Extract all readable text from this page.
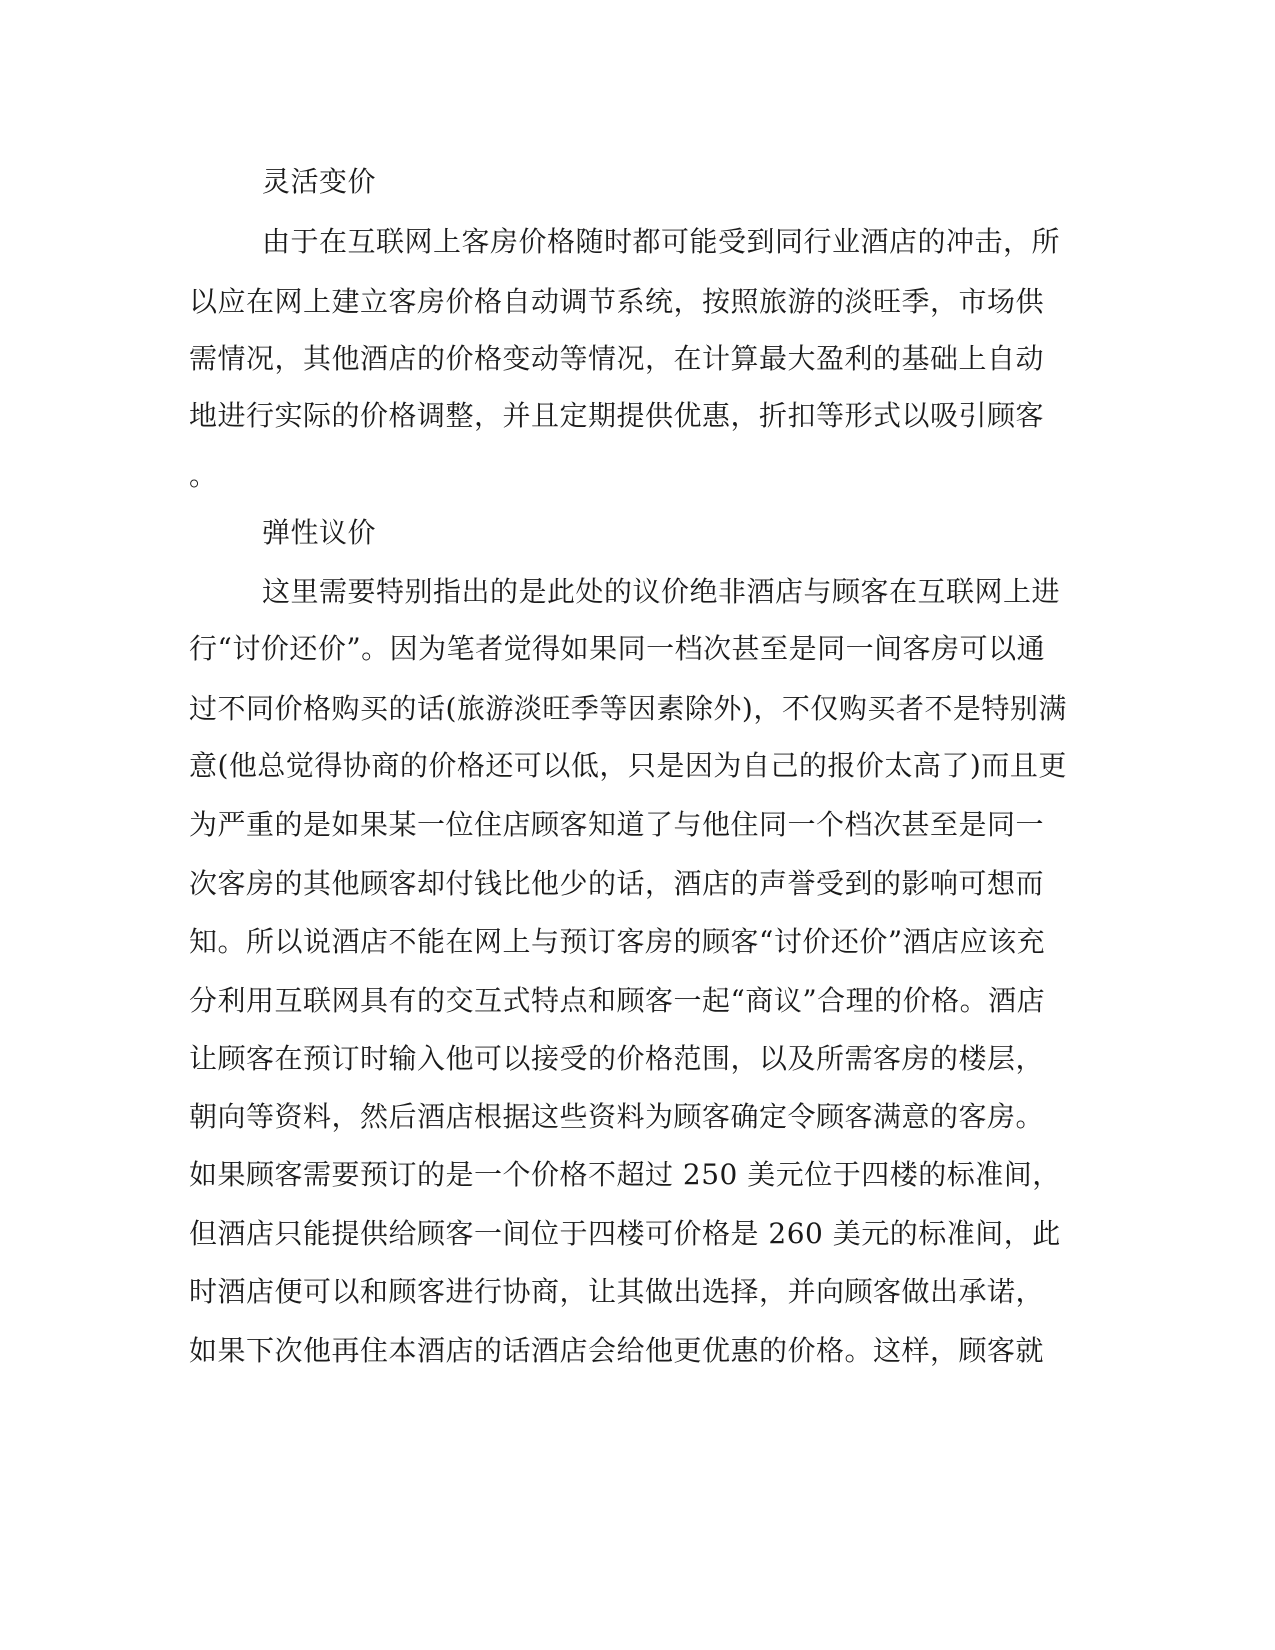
灵活变价
由于在互联网上客房价格随时都可能受到同行业酒店的冲击，所
以应在网上建立客房价格自动调节系统，按照旅游的淡旺季，市场供
需情况，其他酒店的价格变动等情况，在计算最大盈利的基础上自动
地进行实际的价格调整，并且定期提供优惠，折扣等形式以吸引顾客
。
弹性议价
这里需要特别指出的是此处的议价绝非酒店与顾客在互联网上进
行“讨价还价”。因为笔者觉得如果同一档次甚至是同一间客房可以通
过不同价格购买的话(旅游淡旺季等因素除外)，不仅购买者不是特别满
意(他总觉得协商的价格还可以低，只是因为自己的报价太高了)而且更
为严重的是如果某一位住店顾客知道了与他住同一个档次甚至是同一
次客房的其他顾客却付钱比他少的话，酒店的声誉受到的影响可想而
知。所以说酒店不能在网上与预订客房的顾客“讨价还价”酒店应该充
分利用互联网具有的交互式特点和顾客一起“商议”合理的价格。酒店
让顾客在预订时输入他可以接受的价格范围，以及所需客房的楼层，
朝向等资料，然后酒店根据这些资料为顾客确定令顾客满意的客房。
如果顾客需要预订的是一个价格不超过 250 美元位于四楼的标准间，
但酒店只能提供给顾客一间位于四楼可价格是 260 美元的标准间，此
时酒店便可以和顾客进行协商，让其做出选择，并向顾客做出承诺，
如果下次他再住本酒店的话酒店会给他更优惠的价格。这样，顾客就
